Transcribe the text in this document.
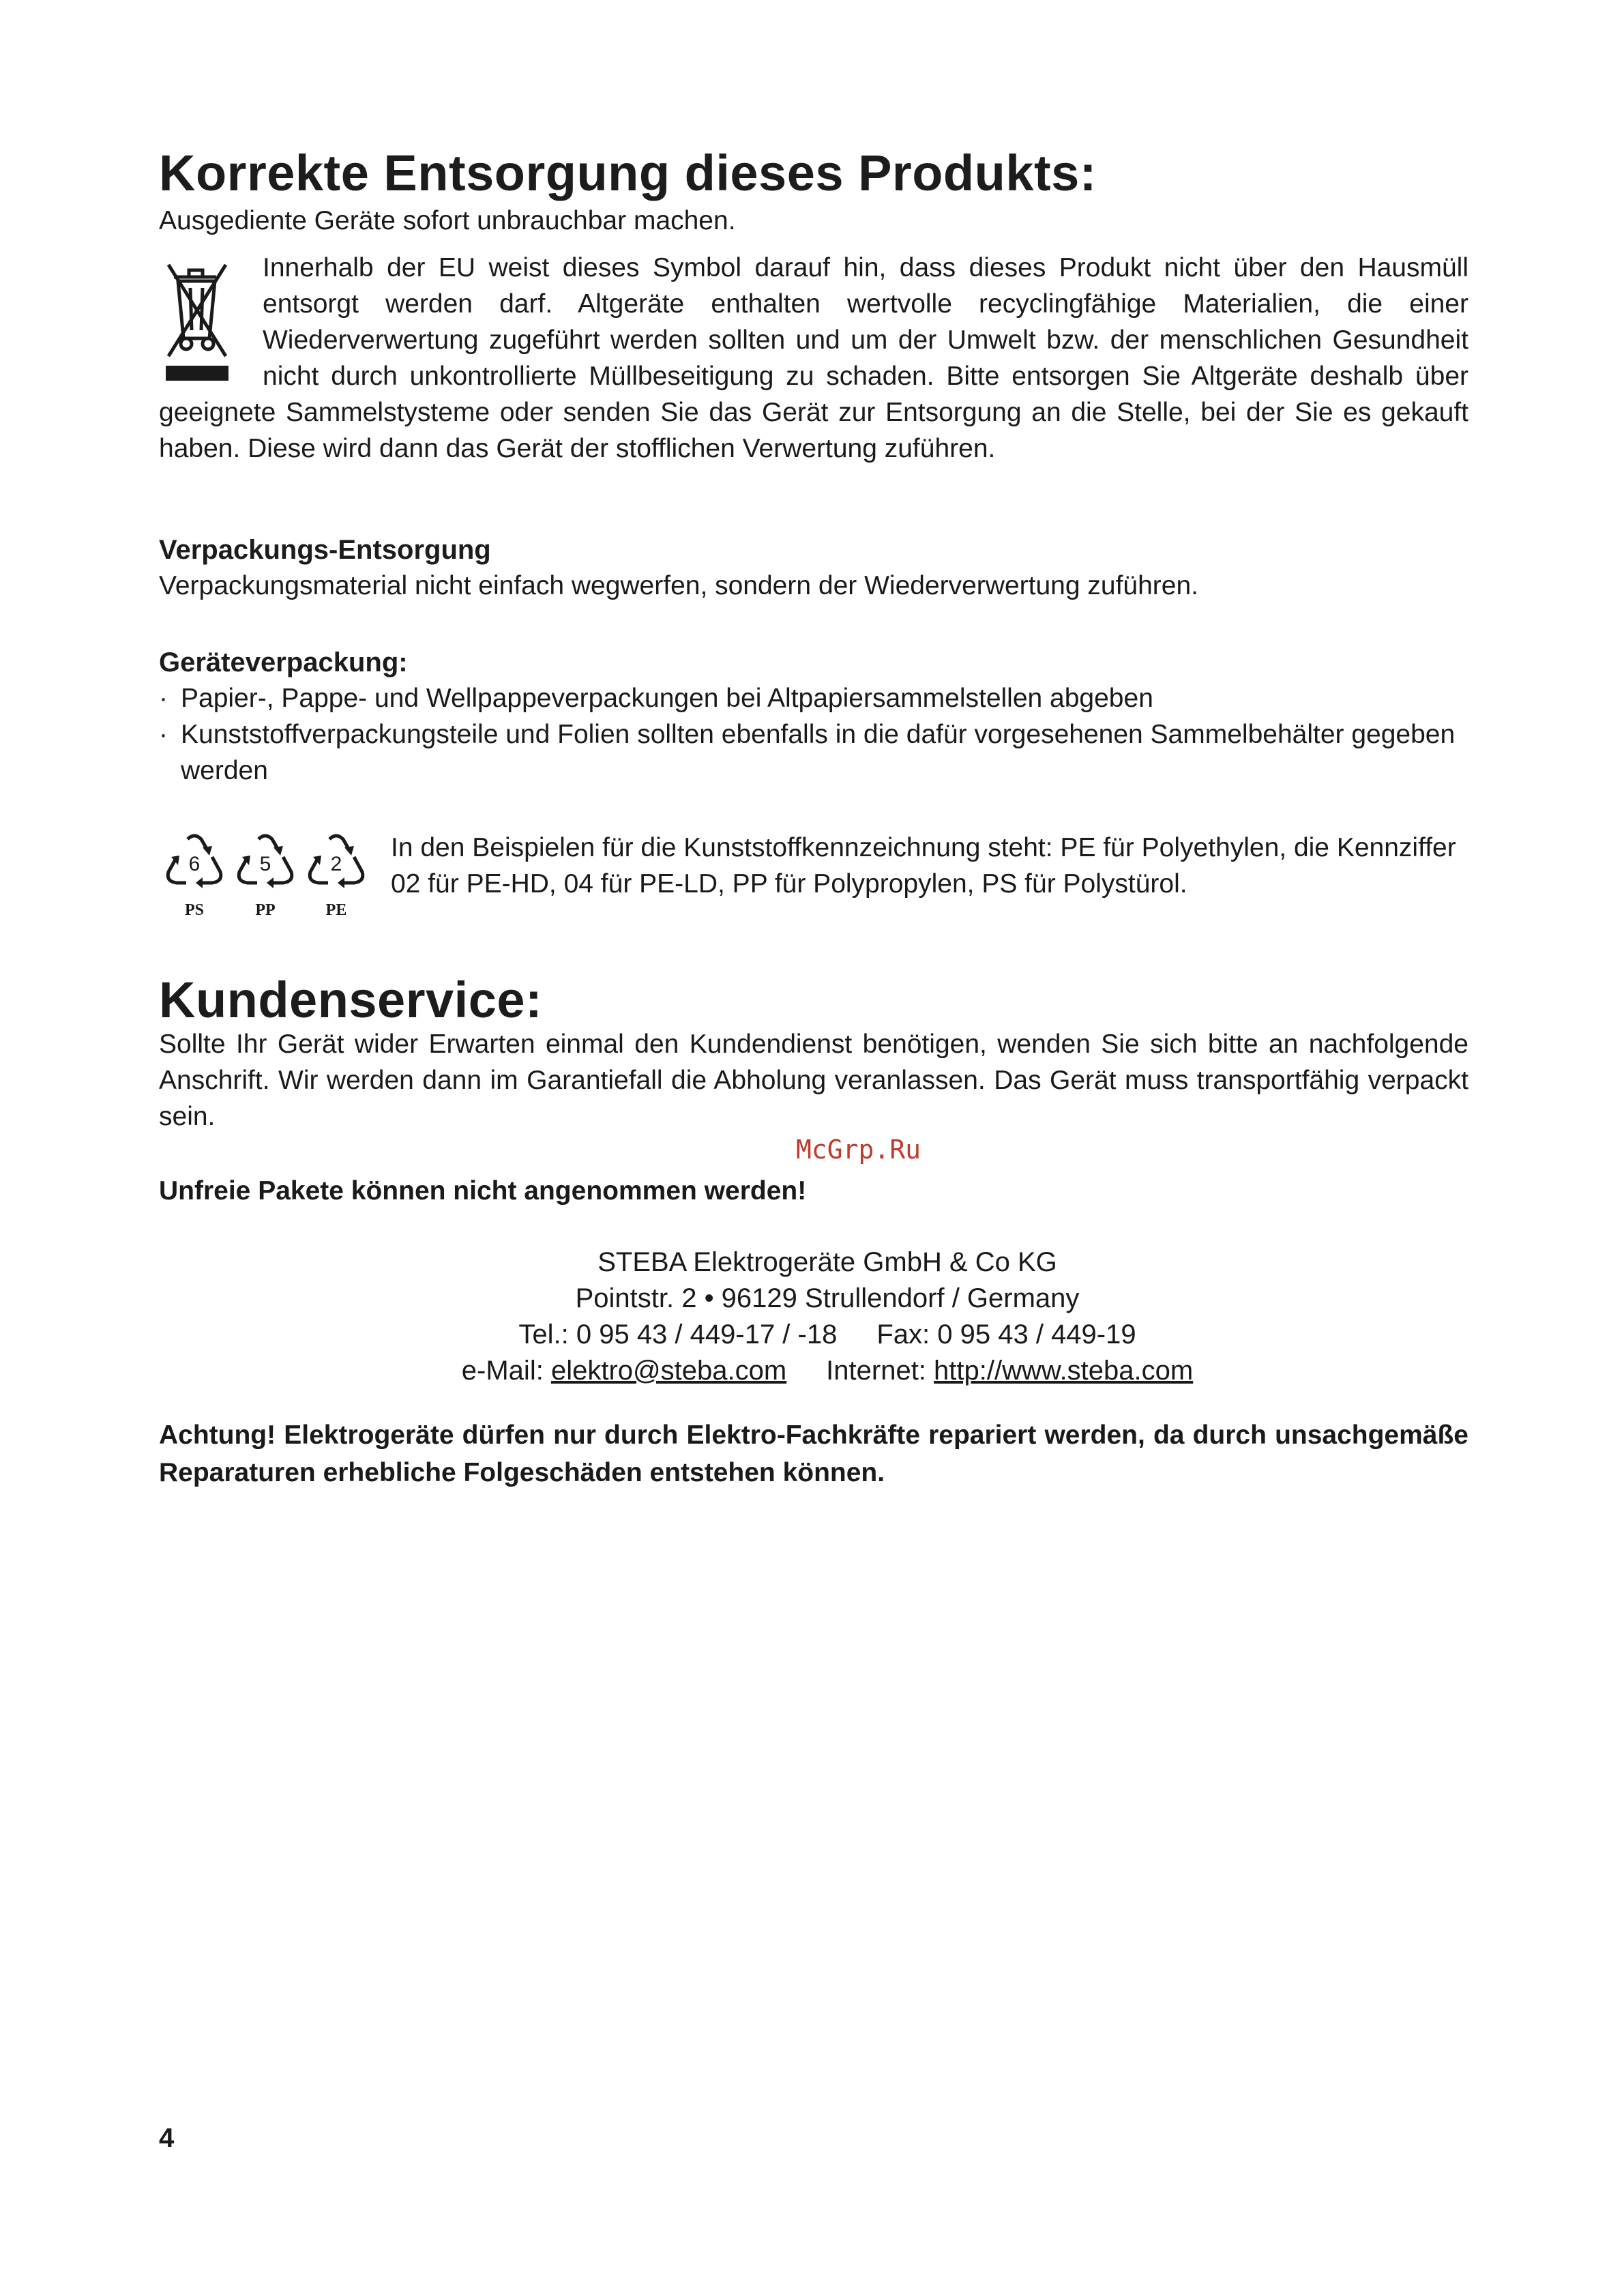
Korrekte Entsorgung dieses Produkts:

Ausgediente Geräte sofort unbrauchbar machen.

Innerhalb der EU weist dieses Symbol darauf hin, dass dieses Produkt nicht über den Hausmüll entsorgt werden darf. Altgeräte enthalten wertvolle recyclingfähige Materialien, die einer Wiederverwertung zugeführt werden sollten und um der Umwelt bzw. der menschlichen Gesundheit nicht durch unkontrollierte Müllbeseitigung zu schaden. Bitte entsorgen Sie Altgeräte deshalb über geeignete Sammelstysteme oder senden Sie das Gerät zur Entsorgung an die Stelle, bei der Sie es gekauft haben. Diese wird dann das Gerät der stofflichen Verwertung zuführen.

Verpackungs-Entsorgung

Verpackungsmaterial nicht einfach wegwerfen, sondern der Wiederverwertung zuführen.

Geräteverpackung:
· Papier-, Pappe- und Wellpappeverpackungen bei Altpapiersammelstellen abgeben
· Kunststoffverpackungsteile und Folien sollten ebenfalls in die dafür vorgesehenen Sammelbehälter gegeben werden
6
PS
5
PP
2
PE

In den Beispielen für die Kunststoffkennzeichnung steht: PE für Polyethylen, die Kennziffer 02 für PE-HD, 04 für PE-LD, PP für Polypropylen, PS für Polystürol.

Kundenservice:

Sollte Ihr Gerät wider Erwarten einmal den Kundendienst benötigen, wenden Sie sich bitte an nachfolgende Anschrift. Wir werden dann im Garantiefall die Abholung veranlassen. Das Gerät muss transportfähig verpackt sein.

Unfreie Pakete können nicht angenommen werden!

STEBA Elektrogeräte GmbH & Co KG
Pointstr. 2 • 96129 Strullendorf / Germany
Tel.: 0 95 43 / 449-17 / -18 Fax: 0 95 43 / 449-19
e-Mail: elektro@steba.com Internet: http://www.steba.com

Achtung! Elektrogeräte dürfen nur durch Elektro-Fachkräfte repariert werden, da durch unsachgemäße Reparaturen erhebliche Folgeschäden entstehen können.

McGrp.Ru
4
